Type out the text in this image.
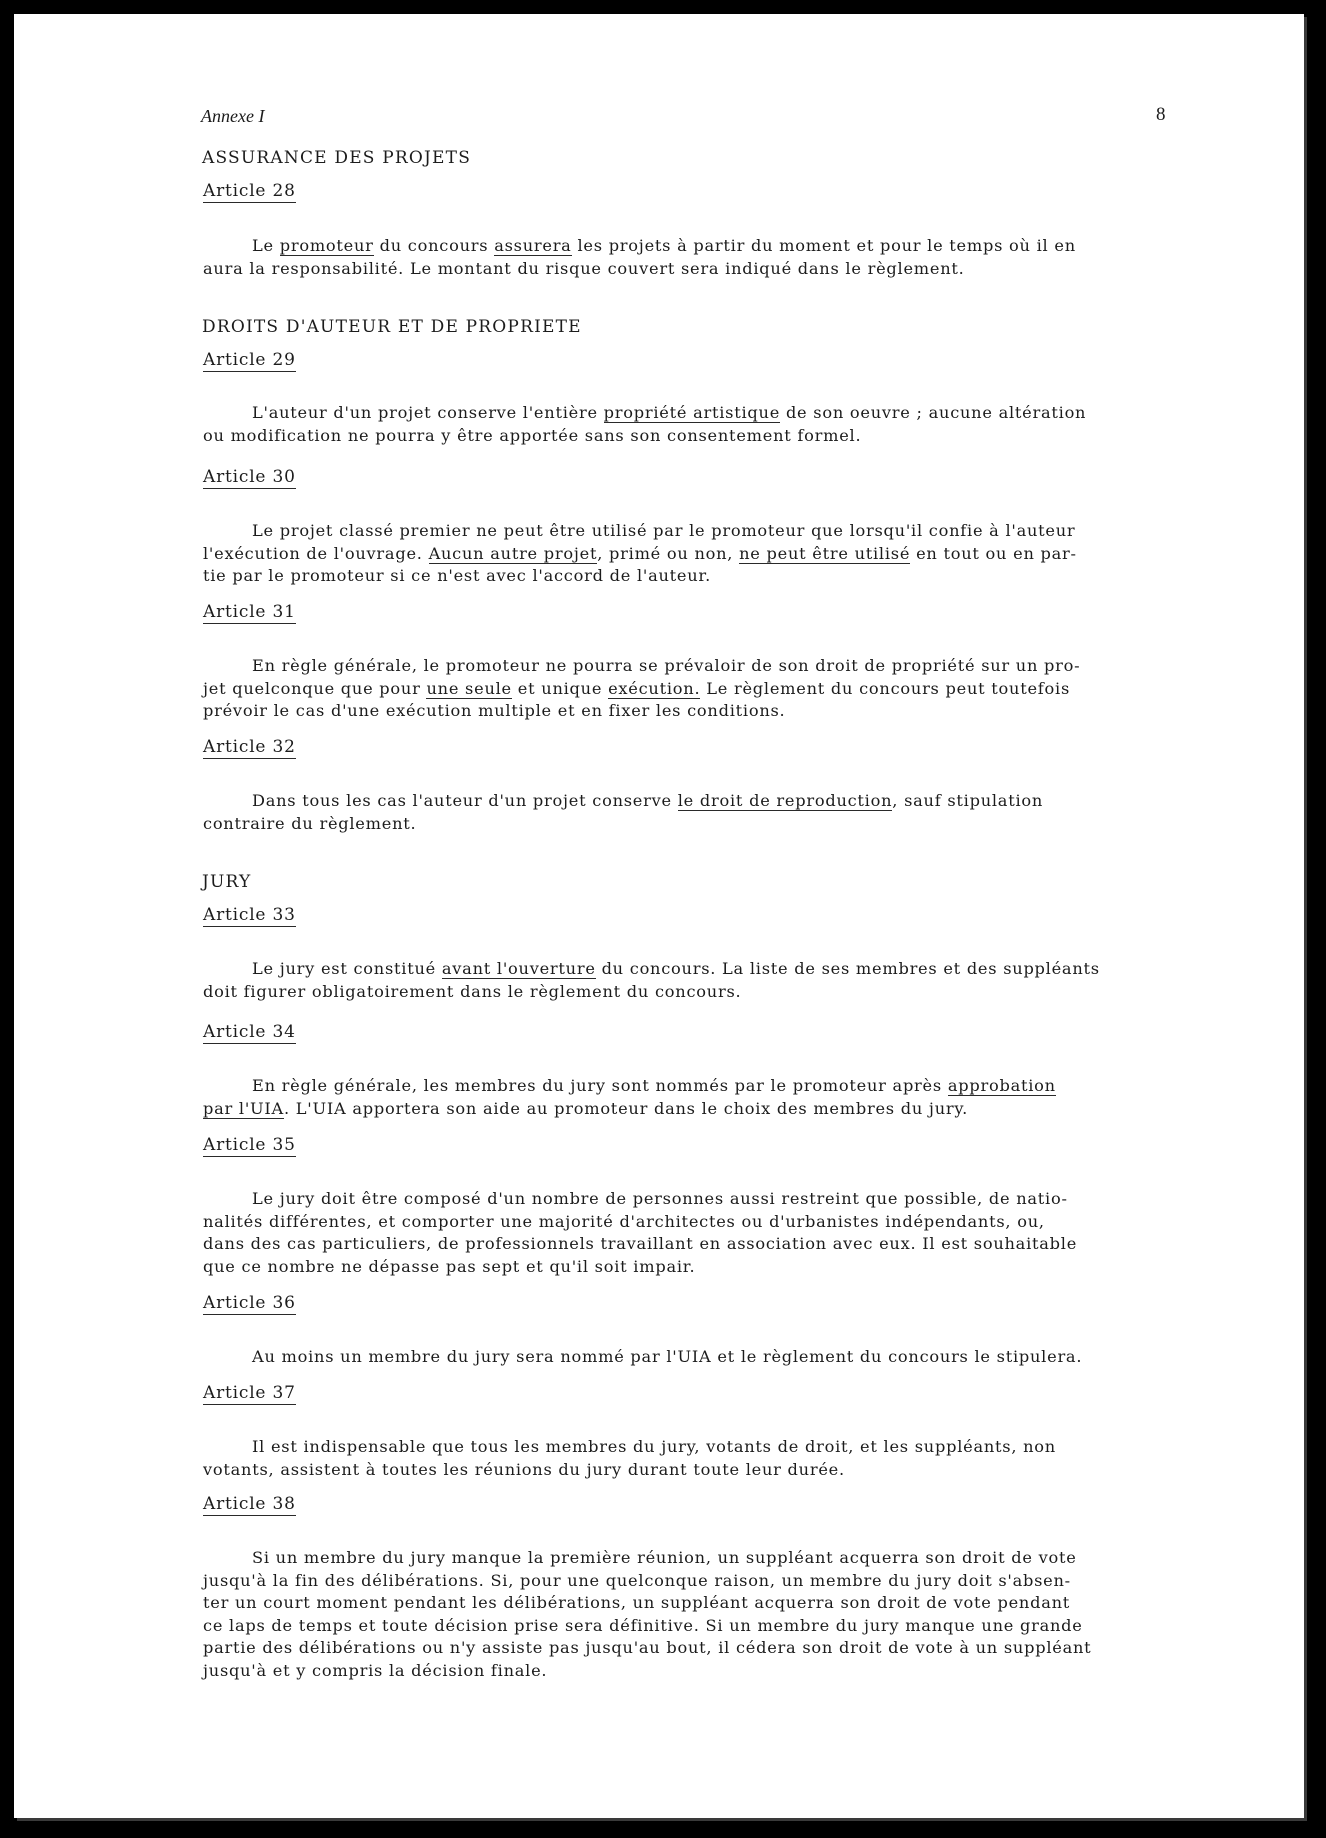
Annexe I	8
ASSURANCE DES PROJETS
Article 28
Le promoteur du concours assurera les projets à partir du moment et pour le temps où il en
aura la responsabilité. Le montant du risque couvert sera indiqué dans le règlement.
DROITS D'AUTEUR ET DE PROPRIETE
Article 29
L'auteur d'un projet conserve l'entière propriété artistique de son oeuvre ; aucune altération
ou modification ne pourra y être apportée sans son consentement formel.
Article 30
Le projet classé premier ne peut être utilisé par le promoteur que lorsqu'il confie à l'auteur
l'exécution de l'ouvrage. Aucun autre projet, primé ou non, ne peut être utilisé en tout ou en par-
tie par le promoteur si ce n'est avec l'accord de l'auteur.
Article 31
En règle générale, le promoteur ne pourra se prévaloir de son droit de propriété sur un pro-
jet quelconque que pour une seule et unique exécution. Le règlement du concours peut toutefois
prévoir le cas d'une exécution multiple et en fixer les conditions.
Article 32
Dans tous les cas l'auteur d'un projet conserve le droit de reproduction, sauf stipulation
contraire du règlement.
JURY
Article 33
Le jury est constitué avant l'ouverture du concours. La liste de ses membres et des suppléants
doit figurer obligatoirement dans le règlement du concours.
Article 34
En règle générale, les membres du jury sont nommés par le promoteur après approbation
par l'UIA. L'UIA apportera son aide au promoteur dans le choix des membres du jury.
Article 35
Le jury doit être composé d'un nombre de personnes aussi restreint que possible, de natio-
nalités différentes, et comporter une majorité d'architectes ou d'urbanistes indépendants, ou,
dans des cas particuliers, de professionnels travaillant en association avec eux. Il est souhaitable
que ce nombre ne dépasse pas sept et qu'il soit impair.
Article 36
Au moins un membre du jury sera nommé par l'UIA et le règlement du concours le stipulera.
Article 37
Il est indispensable que tous les membres du jury, votants de droit, et les suppléants, non
votants, assistent à toutes les réunions du jury durant toute leur durée.
Article 38
Si un membre du jury manque la première réunion, un suppléant acquerra son droit de vote
jusqu'à la fin des délibérations. Si, pour une quelconque raison, un membre du jury doit s'absen-
ter un court moment pendant les délibérations, un suppléant acquerra son droit de vote pendant
ce laps de temps et toute décision prise sera définitive. Si un membre du jury manque une grande
partie des délibérations ou n'y assiste pas jusqu'au bout, il cédera son droit de vote à un suppléant
jusqu'à et y compris la décision finale.
